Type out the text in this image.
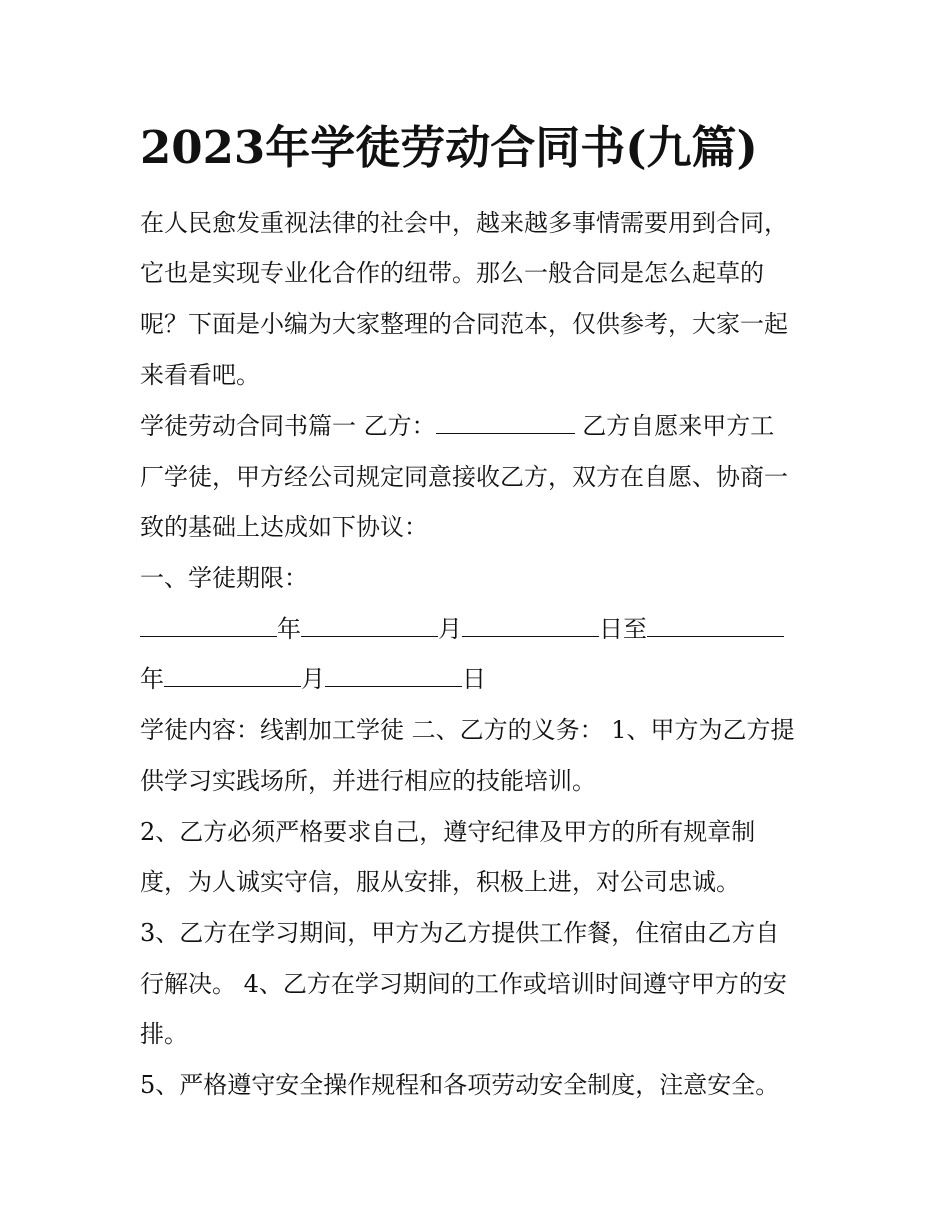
2023年学徒劳动合同书(九篇)
在人民愈发重视法律的社会中，越来越多事情需要用到合同，
它也是实现专业化合作的纽带。那么一般合同是怎么起草的
呢？下面是小编为大家整理的合同范本，仅供参考，大家一起
来看看吧。
学徒劳动合同书篇一 乙方：	乙方自愿来甲方工
厂学徒，甲方经公司规定同意接收乙方，双方在自愿、协商一
致的基础上达成如下协议：
一、学徒期限：
年	月	日至
年	月	日
学徒内容：线割加工学徒 二、乙方的义务： 1、甲方为乙方提
供学习实践场所，并进行相应的技能培训。
2、乙方必须严格要求自己，遵守纪律及甲方的所有规章制
度，为人诚实守信，服从安排，积极上进，对公司忠诚。
3、乙方在学习期间，甲方为乙方提供工作餐，住宿由乙方自
行解决。 4、乙方在学习期间的工作或培训时间遵守甲方的安
排。
5、严格遵守安全操作规程和各项劳动安全制度，注意安全。
